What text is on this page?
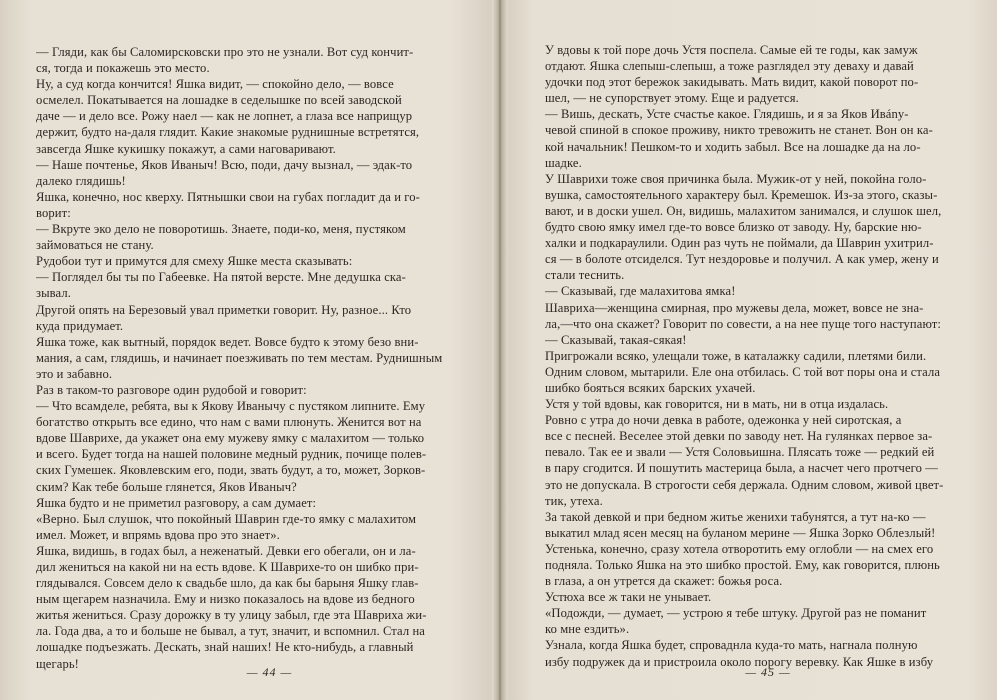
— Гляди, как бы Саломирсковски про это не узнали. Вот суд кончит-
ся, тогда и покажешь это место.
Ну, а суд когда кончится! Яшка видит, — спокойно дело, — вовсе
осмелел. Покатывается на лошадке в седелышке по всей заводской
даче — и дело все. Рожу наел — как не лопнет, а глаза все наприщур
держит, будто на-даля глядит. Какие знакомые руднишные встретятся,
завсегда Яшке кукишку покажут, а сами наговаривают.
— Наше почтенье, Яков Иваныч! Всю, поди, дачу вызнал, — эдак-то
далеко глядишь!
Яшка, конечно, нос кверху. Пятнышки свои на губах погладит да и го-
ворит:
— Вкруте эко дело не поворотишь. Знаете, поди-ко, меня, пустяком
займоваться не стану.
Рудобои тут и примутся для смеху Яшке места сказывать:
— Поглядел бы ты по Габеевке. На пятой версте. Мне дедушка ска-
зывал.
Другой опять на Березовый увал приметки говорит. Ну, разное... Кто
куда придумает.
Яшка тоже, как вытный, порядок ведет. Вовсе будто к этому безо вни-
мания, а сам, глядишь, и начинает поезживать по тем местам. Руднишным
это и забавно.
Раз в таком-то разговоре один рудобой и говорит:
— Что всамделе, ребята, вы к Якову Иванычу с пустяком липните. Ему
богатство открыть все едино, что нам с вами плюнуть. Женится вот на
вдове Шаврихе, да укажет она ему мужеву ямку с малахитом — только
и всего. Будет тогда на нашей половине медный рудник, почище полев-
ских Гумешек. Яковлевским его, поди, звать будут, а то, может, Зорков-
ским? Как тебе больше глянется, Яков Иваныч?
Яшка будто и не приметил разговору, а сам думает:
«Верно. Был слушок, что покойный Шаврин где-то ямку с малахитом
имел. Может, и впрямь вдова про это знает».
Яшка, видишь, в годах был, а неженатый. Девки его обегали, он и ла-
дил жениться на какой ни на есть вдове. К Шаврихе-то он шибко при-
глядывался. Совсем дело к свадьбе шло, да как бы барыня Яшку глав-
ным щегарем назначила. Ему и низко показалось на вдове из бедного
житья жениться. Сразу дорожку в ту улицу забыл, где эта Шавриха жи-
ла. Года два, а то и больше не бывал, а тут, значит, и вспомнил. Стал на
лошадке подъезжать. Дескать, знай наших! Не кто-нибудь, а главный
щегарь!
— 44 —
У вдовы к той поре дочь Устя поспела. Самые ей те годы, как замуж
отдают. Яшка слепыш-слепыш, а тоже разглядел эту деваху и давай
удочки под этот бережок закидывать. Мать видит, какой поворот по-
шел, — не супорствует этому. Еще и радуется.
— Вишь, дескать, Усте счастье какое. Глядишь, и я за Яков Ивány-
чевой спиной в спокое проживу, никто тревожить не станет. Вон он ка-
кой начальник! Пешком-то и ходить забыл. Все на лошадке да на ло-
шадке.
У Шаврихи тоже своя причинка была. Мужик-от у ней, покойна голо-
вушка, самостоятельного характеру был. Кремешок. Из-за этого, сказы-
вают, и в доски ушел. Он, видишь, малахитом занимался, и слушок шел,
будто свою ямку имел где-то вовсе близко от заводу. Ну, барские ню-
халки и подкараулили. Один раз чуть не поймали, да Шаврин ухитрил-
ся — в болоте отсиделся. Тут нездоровье и получил. А как умер, жену и
стали теснить.
— Сказывай, где малахитова ямка!
Шавриха—женщина смирная, про мужевы дела, может, вовсе не зна-
ла,—что она скажет? Говорит по совести, а на нее пуще того наступают:
— Сказывай, такая-сякая!
Пригрожали всяко, улещали тоже, в каталажку садили, плетями били.
Одним словом, мытарили. Еле она отбилась. С той вот поры она и стала
шибко бояться всяких барских ухачей.
Устя у той вдовы, как говорится, ни в мать, ни в отца издалась.
Ровно с утра до ночи девка в работе, одежонка у ней сиротская, а
все с песней. Веселее этой девки по заводу нет. На гулянках первое за-
певало. Так ее и звали — Устя Соловьишна. Плясать тоже — редкий ей
в пару сгодится. И пошутить мастерица была, а насчет чего протчего —
это не допускала. В строгости себя держала. Одним словом, живой цвет-
тик, утеха.
За такой девкой и при бедном житье женихи табунятся, а тут на-ко —
выкатил млад ясен месяц на буланом мерине — Яшка Зорко Облезлый!
Устенька, конечно, сразу хотела отворотить ему оглобли — на смех его
подняла. Только Яшка на это шибко простой. Ему, как говорится, плюнь
в глаза, а он утрется да скажет: божья роса.
Устюха все ж таки не унывает.
«Подожди, — думает, — устрою я тебе штуку. Другой раз не поманит
ко мне ездить».
Узнала, когда Яшка будет, спроваднла куда-то мать, нагнала полную
избу подружек да и пристроила около порогу веревку. Как Яшке в избу
— 45 —
